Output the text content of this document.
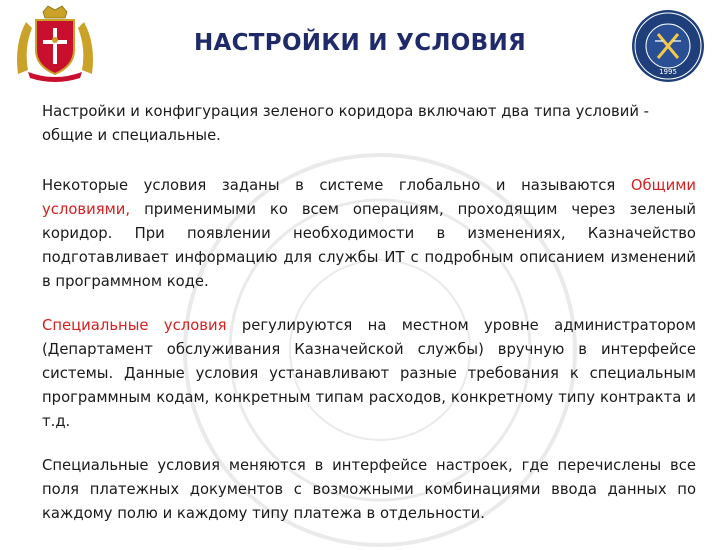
1995
НАСТРОЙКИ И УСЛОВИЯ

Настройки и конфигурация зеленого коридора включают два типа условий - общие и специальные.

Некоторые условия заданы в системе глобально и называются Общими условиями, применимыми ко всем операциям, проходящим через зеленый коридор. При появлении необходимости в изменениях, Казначейство подготавливает информацию для службы ИТ с подробным описанием изменений в программном коде.

Специальные условия регулируются на местном уровне администратором (Департамент обслуживания Казначейской службы) вручную в интерфейсе системы. Данные условия устанавливают разные требования к специальным программным кодам, конкретным типам расходов, конкретному типу контракта и т.д.

Специальные условия меняются в интерфейсе настроек, где перечислены все поля платежных документов с возможными комбинациями ввода данных по каждому полю и каждому типу платежа в отдельности.
